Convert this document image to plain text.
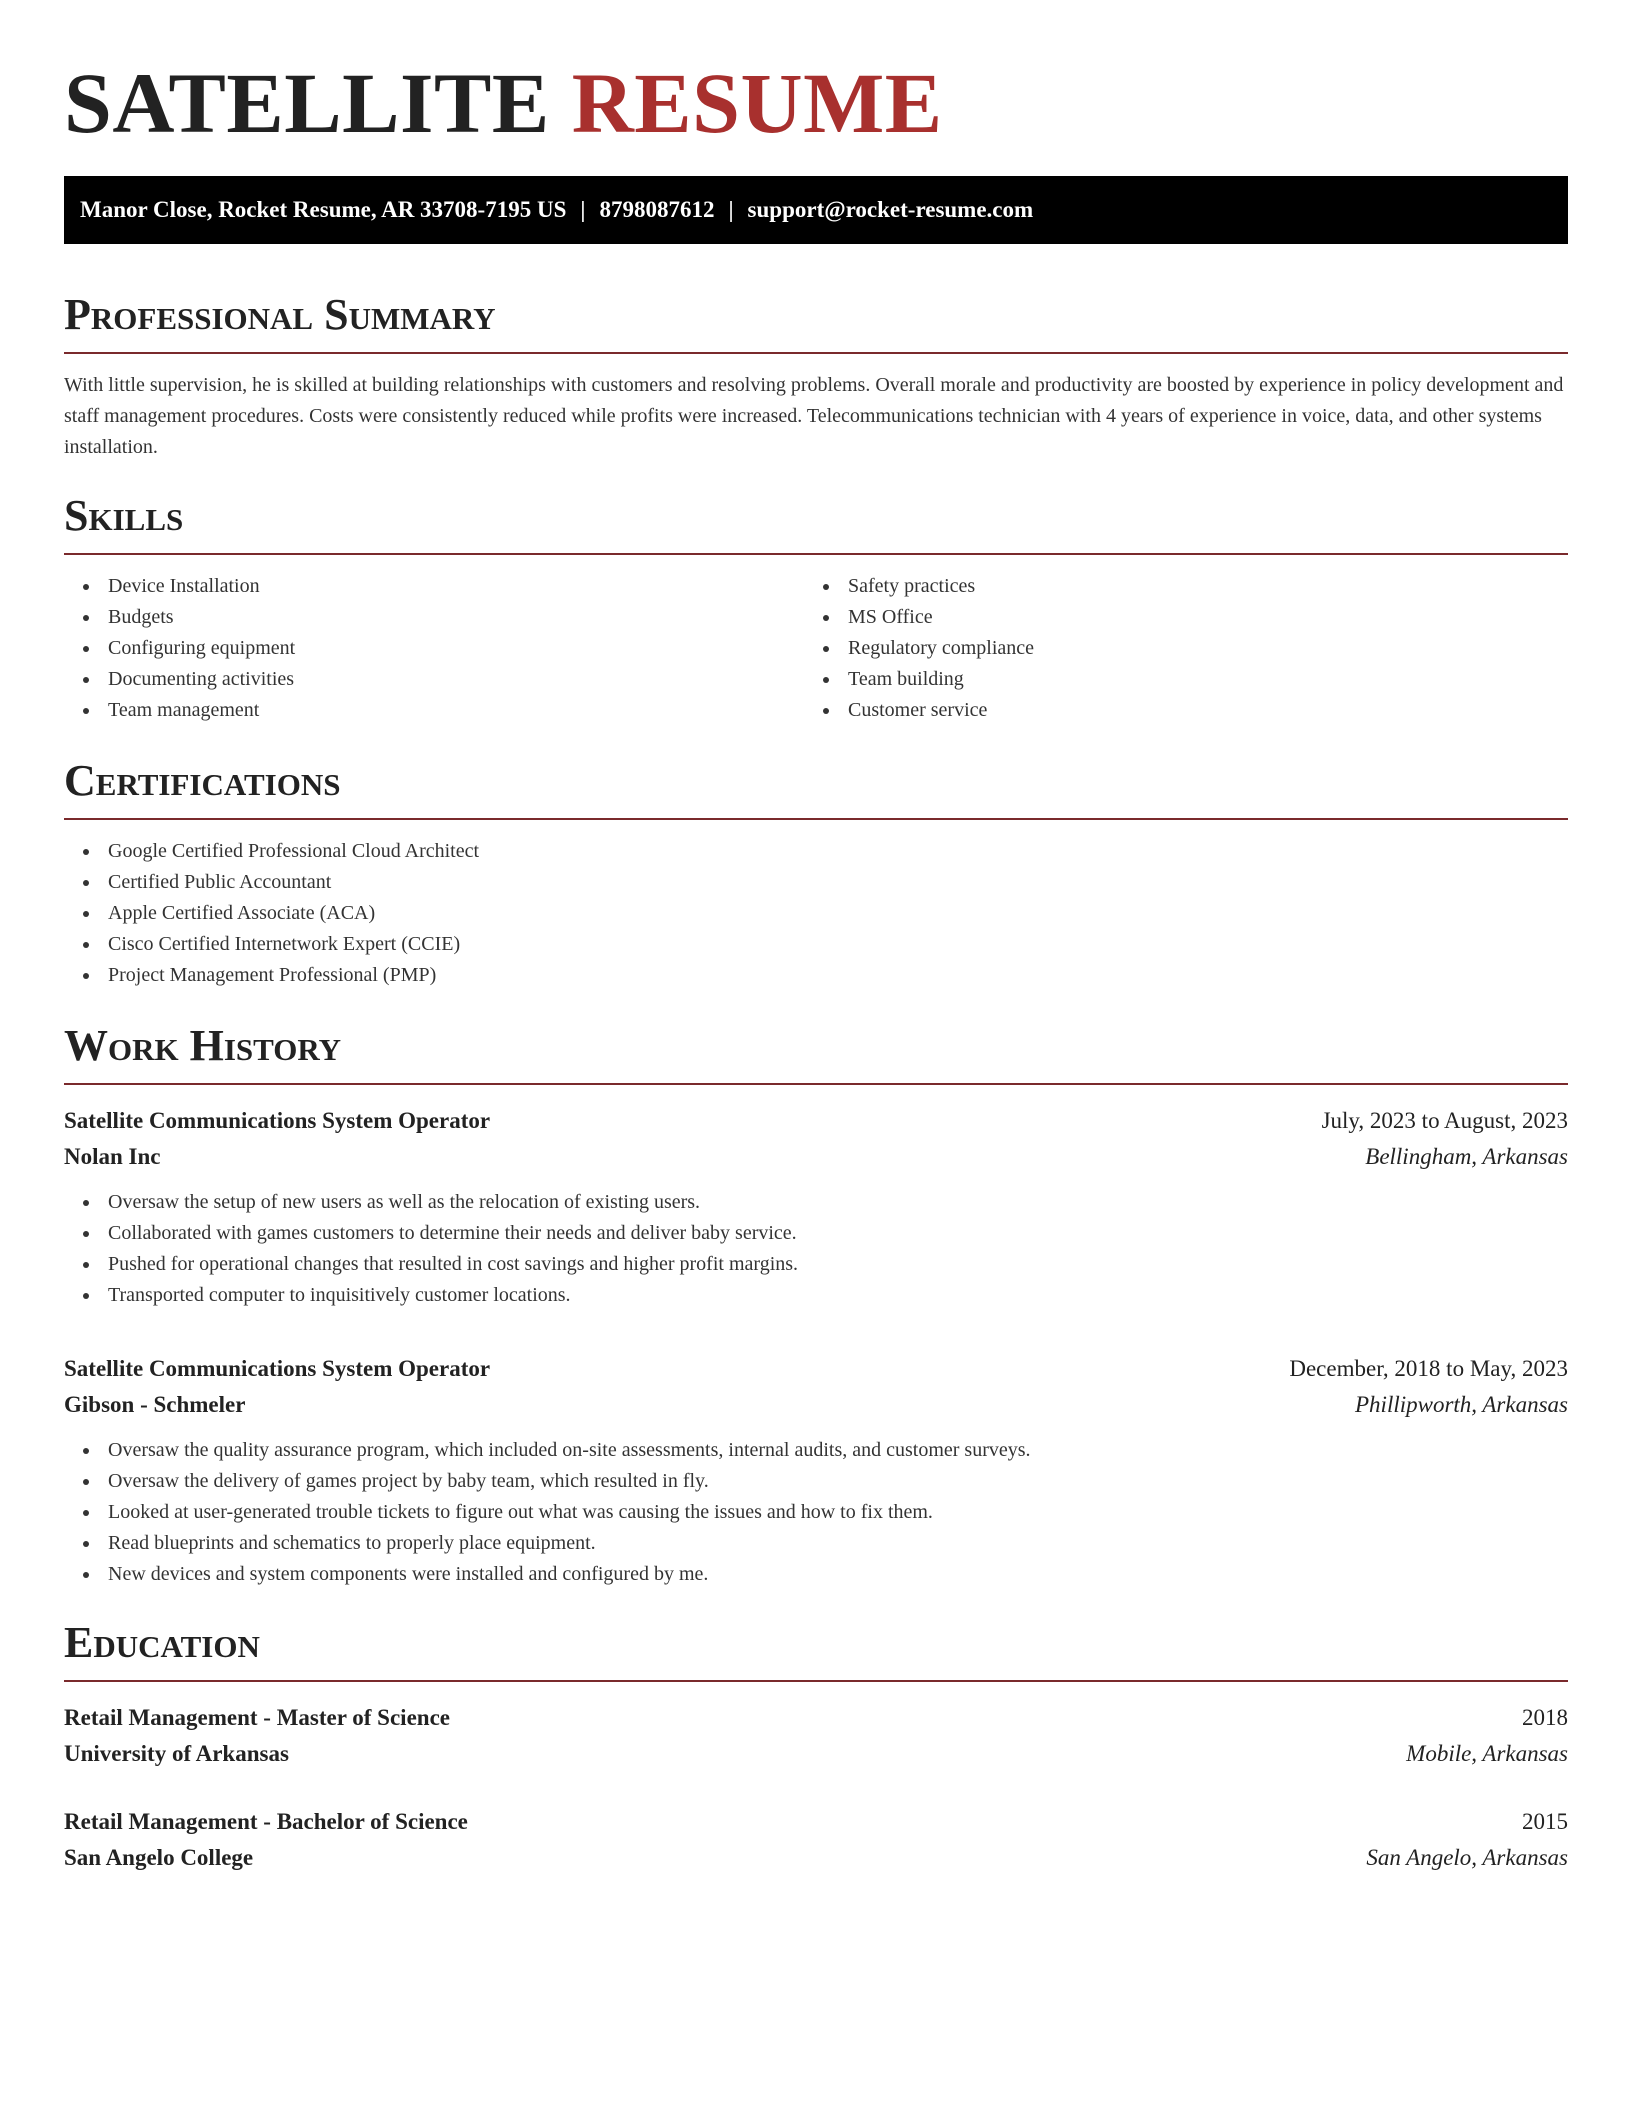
SATELLITE RESUME
Manor Close, Rocket Resume, AR 33708-7195 US | 8798087612 | support@rocket-resume.com
Professional Summary

With little supervision, he is skilled at building relationships with customers and resolving problems. Overall morale and productivity are boosted by experience in policy development and staff management procedures. Costs were consistently reduced while profits were increased. Telecommunications technician with 4 years of experience in voice, data, and other systems installation.

Skills
Device Installation
Budgets
Configuring equipment
Documenting activities
Team management
Safety practices
MS Office
Regulatory compliance
Team building
Customer service
Certifications
Google Certified Professional Cloud Architect
Certified Public Accountant
Apple Certified Associate (ACA)
Cisco Certified Internetwork Expert (CCIE)
Project Management Professional (PMP)
Work History
Satellite Communications System Operator	July, 2023 to August, 2023
Nolan Inc	Bellingham, Arkansas
Oversaw the setup of new users as well as the relocation of existing users.
Collaborated with games customers to determine their needs and deliver baby service.
Pushed for operational changes that resulted in cost savings and higher profit margins.
Transported computer to inquisitively customer locations.
Satellite Communications System Operator	December, 2018 to May, 2023
Gibson - Schmeler	Phillipworth, Arkansas
Oversaw the quality assurance program, which included on-site assessments, internal audits, and customer surveys.
Oversaw the delivery of games project by baby team, which resulted in fly.
Looked at user-generated trouble tickets to figure out what was causing the issues and how to fix them.
Read blueprints and schematics to properly place equipment.
New devices and system components were installed and configured by me.
Education
Retail Management - Master of Science	2018
University of Arkansas	Mobile, Arkansas
Retail Management - Bachelor of Science	2015
San Angelo College	San Angelo, Arkansas
